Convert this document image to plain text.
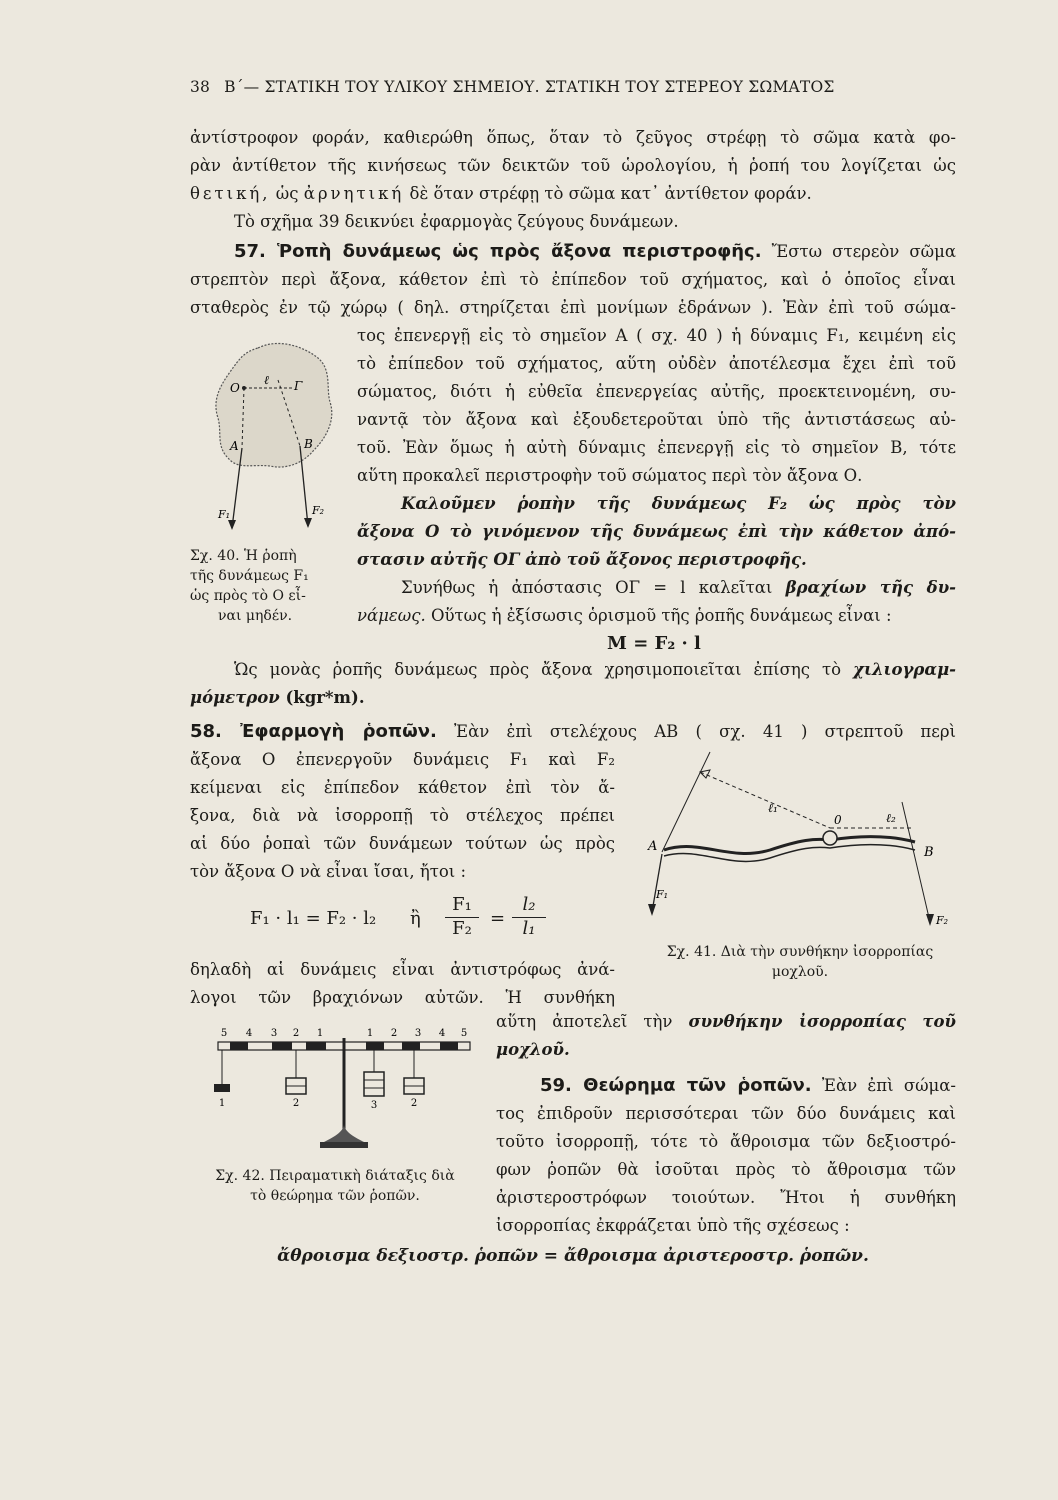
38 Β΄— ΣΤΑΤΙΚΗ ΤΟΥ ΥΛΙΚΟΥ ΣΗΜΕΙΟΥ. ΣΤΑΤΙΚΗ ΤΟΥ ΣΤΕΡΕΟΥ ΣΩΜΑΤΟΣ

ἀντίστροφον φοράν, καθιερώθη ὅπως, ὅταν τὸ ζεῦγος στρέφῃ τὸ σῶμα κατὰ φο-

ρὰν ἀντίθετον τῆς κινήσεως τῶν δεικτῶν τοῦ ὡρολογίου, ἡ ῥοπή του λογίζεται ὡς

θετική, ὡς ἀρνητική δὲ ὅταν στρέφῃ τὸ σῶμα κατ᾽ ἀντίθετον φοράν.

Τὸ σχῆμα 39 δεικνύει ἐφαρμογὰς ζεύγους δυνάμεων.

57. Ῥοπὴ δυνάμεως ὡς πρὸς ἄξονα περιστροφῆς. Ἔστω στερεὸν σῶμα

στρεπτὸν περὶ ἄξονα, κάθετον ἐπὶ τὸ ἐπίπεδον τοῦ σχήματος, καὶ ὁ ὁποῖος εἶναι

σταθερὸς ἐν τῷ χώρῳ ( δηλ. στηρίζεται ἐπὶ μονίμων ἑδράνων ). Ἐὰν ἐπὶ τοῦ σώμα-

O	Γ
ℓ
A	B
F₁	F₂

Σχ. 40. Ἡ ῥοπὴ

τῆς δυνάμεως F₁

ὡς πρὸς τὸ Ο εἶ-

ναι μηδέν.

τος ἐπενεργῇ εἰς τὸ σημεῖον Α ( σχ. 40 ) ἡ δύναμις F₁, κειμένη εἰς

τὸ ἐπίπεδον τοῦ σχήματος, αὕτη οὐδὲν ἀποτέλεσμα ἔχει ἐπὶ τοῦ

σώματος, διότι ἡ εὐθεῖα ἐπενεργείας αὐτῆς, προεκτεινομένη, συ-

ναντᾷ τὸν ἄξονα καὶ ἐξουδετεροῦται ὑπὸ τῆς ἀντιστάσεως αὐ-

τοῦ. Ἐὰν ὅμως ἡ αὐτὴ δύναμις ἐπενεργῇ εἰς τὸ σημεῖον Β, τότε

αὕτη προκαλεῖ περιστροφὴν τοῦ σώματος περὶ τὸν ἄξονα Ο.

Καλοῦμεν ῥοπὴν τῆς δυνάμεως F₂ ὡς πρὸς τὸν

ἄξονα Ο τὸ γινόμενον τῆς δυνάμεως ἐπὶ τὴν κάθετον ἀπό-

στασιν αὐτῆς ΟΓ ἀπὸ τοῦ ἄξονος περιστροφῆς.

Συνήθως ἡ ἀπόστασις ΟΓ = l καλεῖται βραχίων τῆς δυ-

νάμεως. Οὕτως ἡ ἐξίσωσις ὁρισμοῦ τῆς ῥοπῆς δυνάμεως εἶναι :

M = F₂ · l

Ὡς μονὰς ῥοπῆς δυνάμεως πρὸς ἄξονα χρησιμοποιεῖται ἐπίσης τὸ χιλιογραμ-

μόμετρον (kgr*m).

58. Ἐφαρμογὴ ῥοπῶν. Ἐὰν ἐπὶ στελέχους ΑΒ ( σχ. 41 ) στρεπτοῦ περὶ

ἄξονα Ο ἐπενεργοῦν δυνάμεις F₁ καὶ F₂

κείμεναι εἰς ἐπίπεδον κάθετον ἐπὶ τὸν ἄ-

ξονα, διὰ νὰ ἰσορροπῇ τὸ στέλεχος πρέπει

αἱ δύο ῥοπαὶ τῶν δυνάμεων τούτων ὡς πρὸς

τὸν ἄξονα Ο νὰ εἶναι ἴσαι, ἤτοι :

F₁ · l₁ = F₂ · l₂ ἢ
F₁
F₂	=
l₂
l₁

δηλαδὴ αἱ δυνάμεις εἶναι ἀντιστρόφως ἀνά-

λογοι τῶν βραχιόνων αὐτῶν. Ἡ συνθήκη

αὕτη ἀποτελεῖ τὴν συνθήκην ἰσορροπίας τοῦ

μοχλοῦ.

A	B
0
ℓ₁
ℓ₂
F₁
F₂

Σχ. 41. Διὰ τὴν συνθήκην ἰσορροπίας

μοχλοῦ.

5 4 3 2 1	1 2 3 4 5
1	2	3	2

Σχ. 42. Πειραματικὴ διάταξις διὰ

τὸ θεώρημα τῶν ῥοπῶν.

59. Θεώρημα τῶν ῥοπῶν. Ἐὰν ἐπὶ σώμα-

τος ἐπιδροῦν περισσότεραι τῶν δύο δυνάμεις καὶ

τοῦτο ἰσορροπῇ, τότε τὸ ἄθροισμα τῶν δεξιοστρό-

φων ῥοπῶν θὰ ἰσοῦται πρὸς τὸ ἄθροισμα τῶν

ἀριστεροστρόφων τοιούτων. Ἤτοι ἡ συνθήκη

ἰσορροπίας ἐκφράζεται ὑπὸ τῆς σχέσεως :

ἄθροισμα δεξιοστρ. ῥοπῶν = ἄθροισμα ἀριστεροστρ. ῥοπῶν.
